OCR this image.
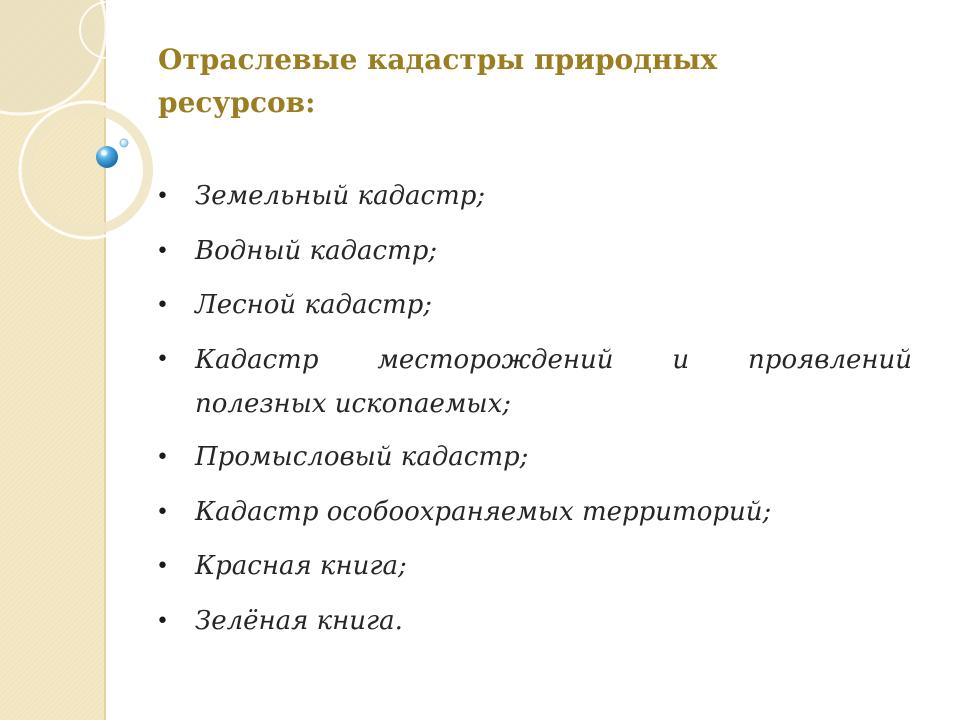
Отраслевые кадастры природных ресурсов:
• Земельный кадастр;
• Водный кадастр;
• Лесной кадастр;
• Кадастр месторождений и проявлений
полезных ископаемых;
• Промысловый кадастр;
• Кадастр особоохраняемых территорий;
• Красная книга;
• Зелёная книга.
